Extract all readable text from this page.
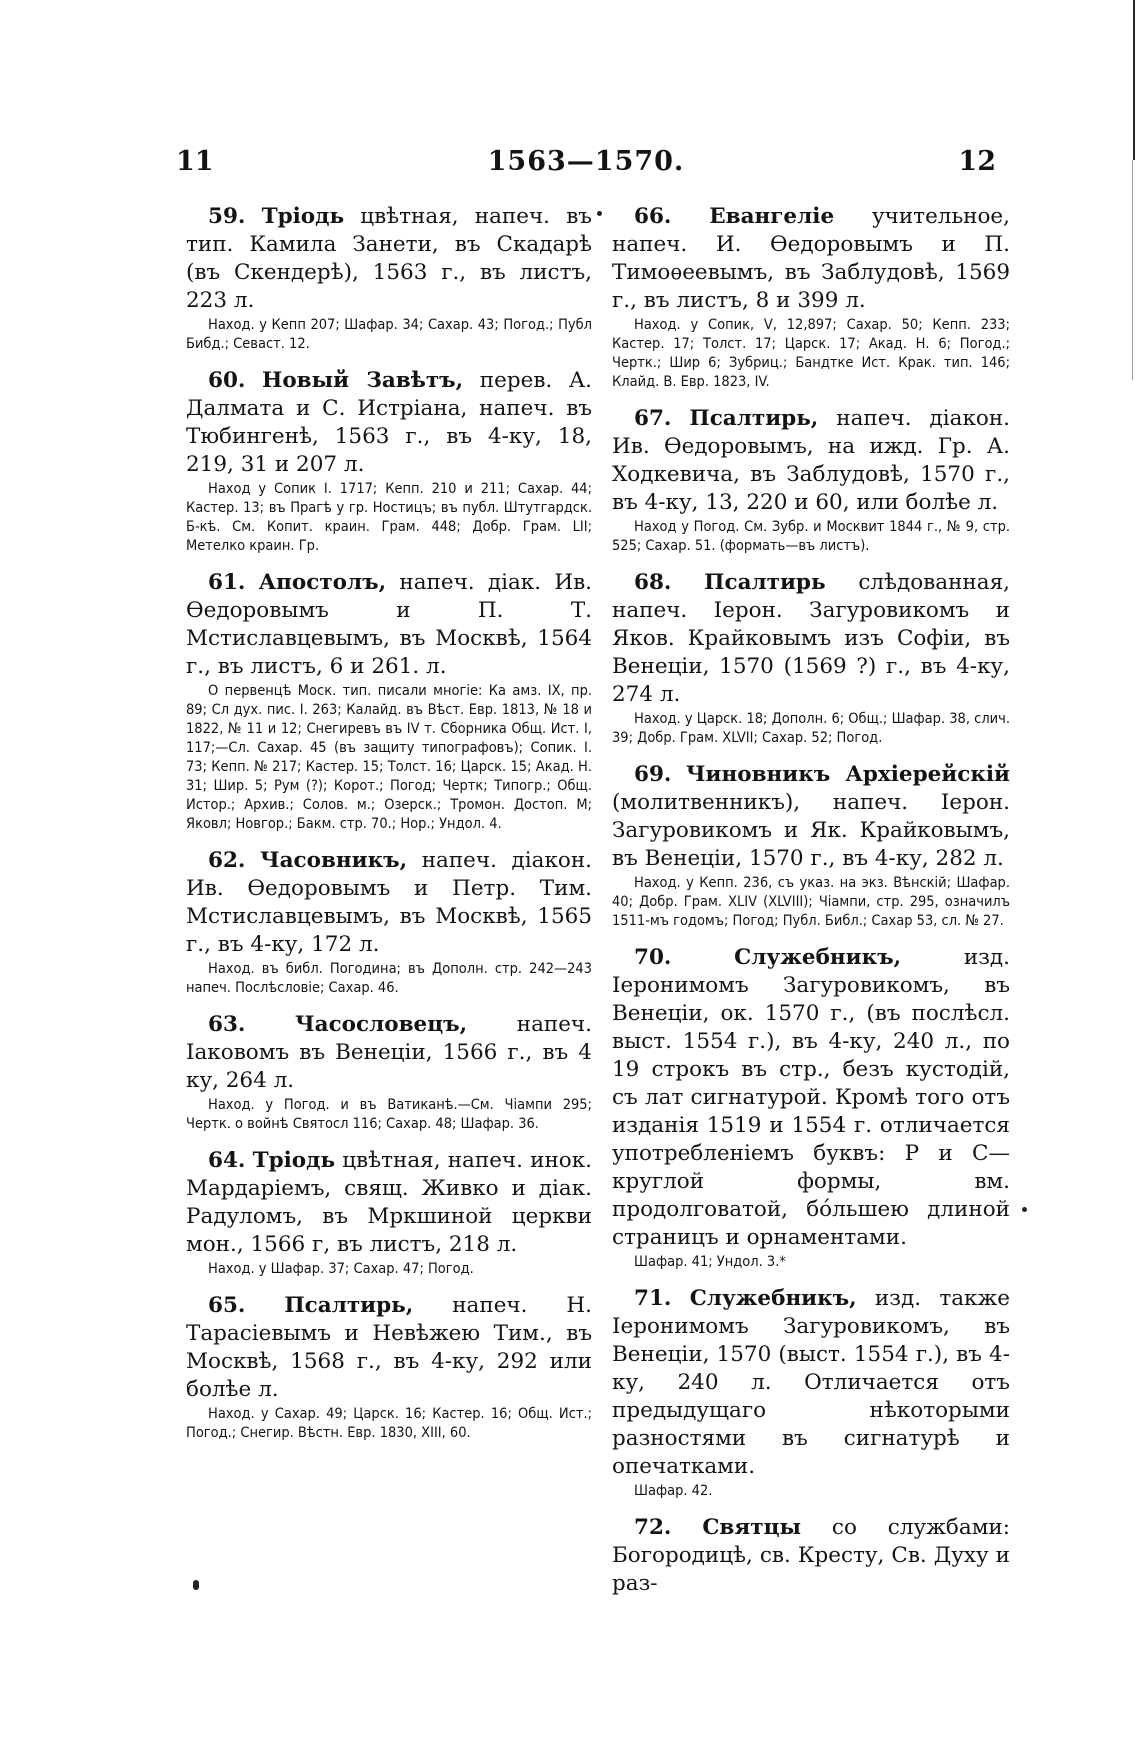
11	1563—1570.	12

59. Тріодь цвѣтная, напеч. въ тип. Камила Занети, въ Скадарѣ (въ Скендерѣ), 1563 г., въ листъ, 223 л.

Наход. у Кепп 207; Шафар. 34; Сахар. 43; Погод.; Публ Бибд.; Севаст. 12.

60. Новый Завѣтъ, перев. А. Далмата и С. Истріана, напеч. въ Тюбингенѣ, 1563 г., въ 4-ку, 18, 219, 31 и 207 л.

Наход у Сопик I. 1717; Кепп. 210 и 211; Сахар. 44; Кастер. 13; въ Прагѣ у гр. Ностицъ; въ публ. Штутгардск. Б-кѣ. См. Копит. краин. Грам. 448; Добр. Грам. LII; Метелко краин. Гр.

61. Апостолъ, напеч. діак. Ив. Ѳедоровымъ и П. Т. Мстиславцевымъ, въ Москвѣ, 1564 г., въ листъ, 6 и 261. л.

О первенцѣ Моск. тип. писали многіе: Ка амз. IX, пр. 89; Сл дух. пис. I. 263; Калайд. въ Вѣст. Евр. 1813, № 18 и 1822, № 11 и 12; Снегиревъ въ IV т. Сборника Общ. Ист. I, 117;—Сл. Сахар. 45 (въ защиту типографовъ); Сопик. I. 73; Кепп. № 217; Кастер. 15; Толст. 16; Царск. 15; Акад. Н. 31; Шир. 5; Рум (?); Корот.; Погод; Чертк; Типогр.; Общ. Истор.; Архив.; Солов. м.; Озерск.; Тромон. Достоп. М; Яковл; Новгор.; Бакм. стр. 70.; Нор.; Ундол. 4.

62. Часовникъ, напеч. діакон. Ив. Ѳедоровымъ и Петр. Тим. Мстиславцевымъ, въ Москвѣ, 1565 г., въ 4-ку, 172 л.

Наход. въ библ. Погодина; въ Дополн. стр. 242—243 напеч. Послѣсловіе; Сахар. 46.

63. Часословецъ, напеч. Іаковомъ въ Венеціи, 1566 г., въ 4 ку, 264 л.

Наход. у Погод. и въ Ватиканѣ.—См. Чіампи 295; Чертк. о войнѣ Святосл 116; Сахар. 48; Шафар. 36.

64. Тріодь цвѣтная, напеч. инок. Мардаріемъ, свящ. Живко и діак. Радуломъ, въ Мркшиной церкви мон., 1566 г, въ листъ, 218 л.

Наход. у Шафар. 37; Сахар. 47; Погод.

65. Псалтирь, напеч. Н. Тарасіевымъ и Невѣжею Тим., въ Москвѣ, 1568 г., въ 4-ку, 292 или болѣе л.

Наход. у Сахар. 49; Царск. 16; Кастер. 16; Общ. Ист.; Погод.; Снегир. Вѣстн. Евр. 1830, XIII, 60.

66. Евангеліе учительное, напеч. И. Ѳедоровымъ и П. Тимоѳеевымъ, въ Заблудовѣ, 1569 г., въ листъ, 8 и 399 л.

Наход. у Сопик, V, 12,897; Сахар. 50; Кепп. 233; Кастер. 17; Толст. 17; Царск. 17; Акад. Н. 6; Погод.; Чертк.; Шир 6; Зубриц.; Бандтке Ист. Крак. тип. 146; Клайд. В. Евр. 1823, IV.

67. Псалтирь, напеч. діакон. Ив. Ѳедоровымъ, на ижд. Гр. А. Ходкевича, въ Заблудовѣ, 1570 г., въ 4-ку, 13, 220 и 60, или болѣе л.

Наход у Погод. См. Зубр. и Москвит 1844 г., № 9, стр. 525; Сахар. 51. (формать—въ листъ).

68. Псалтирь слѣдованная, напеч. Іерон. Загуровикомъ и Яков. Крайковымъ изъ Софіи, въ Венеціи, 1570 (1569 ?) г., въ 4-ку, 274 л.

Наход. у Царск. 18; Дополн. 6; Общ.; Шафар. 38, слич. 39; Добр. Грам. XLVII; Сахар. 52; Погод.

69. Чиновникъ Архіерейскій (молитвенникъ), напеч. Іерон. Загуровикомъ и Як. Крайковымъ, въ Венеціи, 1570 г., въ 4-ку, 282 л.

Наход. у Кепп. 236, съ указ. на экз. Вѣнскій; Шафар. 40; Добр. Грам. XLIV (XLVIII); Чіампи, стр. 295, означилъ 1511-мъ годомъ; Погод; Публ. Библ.; Сахар 53, сл. № 27.

70.	Служебникъ,	изд. Іеронимомъ Загуровикомъ, въ Венеціи, ок. 1570 г., (въ послѣсл. выст. 1554 г.), въ 4-ку, 240 л., по 19 строкъ въ стр., безъ кустодій, съ лат сигнатурой. Кромѣ того отъ изданія 1519 и 1554 г. отличается употребленіемъ буквъ: Р и С—круглой формы, вм. продолговатой, бо́льшею длиной страницъ и орнаментами.

Шафар. 41; Ундол. 3.*

71. Служебникъ, изд. также Іеронимомъ Загуровикомъ, въ Венеціи, 1570 (выст. 1554 г.), въ 4-ку, 240 л. Отличается отъ предыдущаго нѣкоторыми разностями въ сигнатурѣ и опечатками.

Шафар. 42.

72. Святцы со службами: Богородицѣ, св. Кресту, Св. Духу и раз-
